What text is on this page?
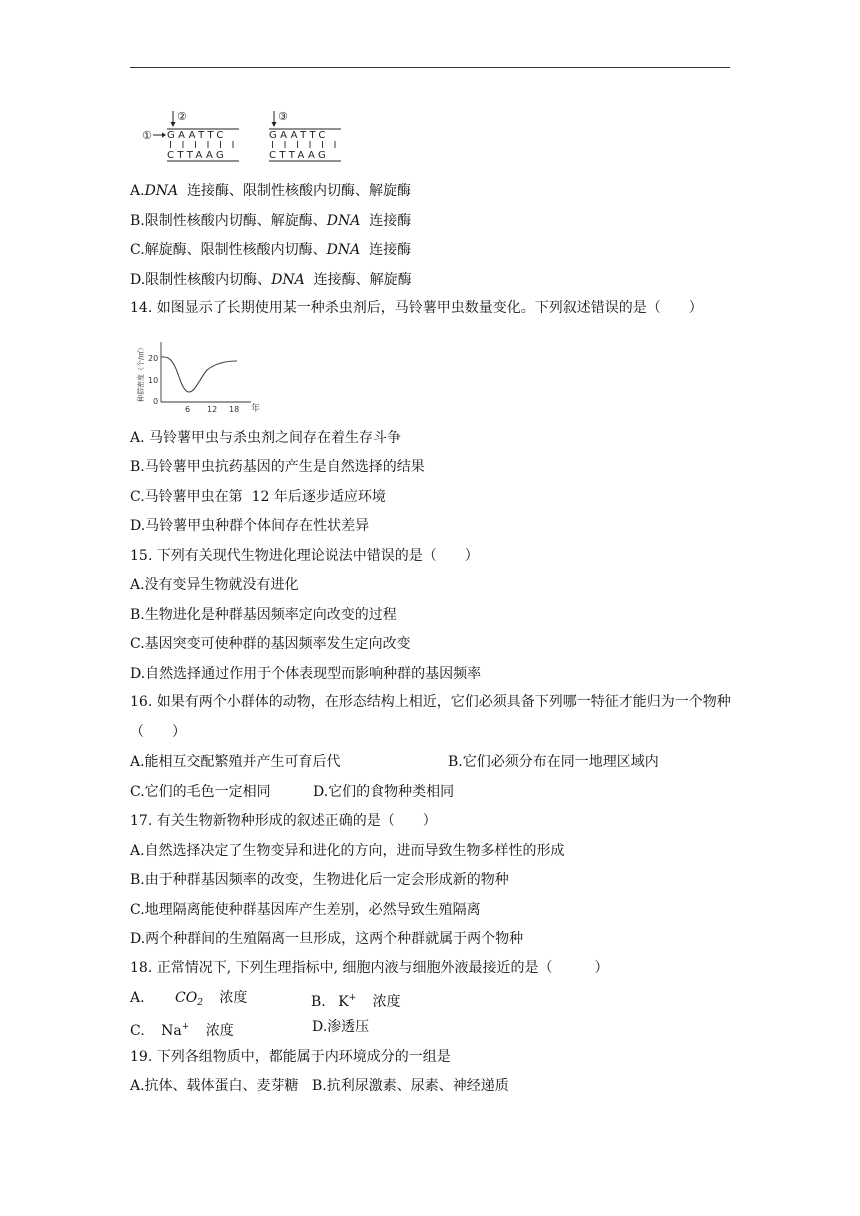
①
②
GAATTC
CTTAAG
③
GAATTC
CTTAAG
A.DNA  连接酶、限制性核酸内切酶、解旋酶
B.限制性核酸内切酶、解旋酶、DNA  连接酶
C.解旋酶、限制性核酸内切酶、DNA  连接酶
D.限制性核酸内切酶、DNA  连接酶、解旋酶
14. 如图显示了长期使用某一种杀虫剂后，马铃薯甲虫数量变化。下列叙述错误的是（　　）
种群密度（个/㎡） 20
10
0
6 12 18 年
A. 马铃薯甲虫与杀虫剂之间存在着生存斗争
B.马铃薯甲虫抗药基因的产生是自然选择的结果
C.马铃薯甲虫在第  12 年后逐步适应环境
D.马铃薯甲虫种群个体间存在性状差异
15. 下列有关现代生物进化理论说法中错误的是（　　）
A.没有变异生物就没有进化
B.生物进化是种群基因频率定向改变的过程
C.基因突变可使种群的基因频率发生定向改变
D.自然选择通过作用于个体表现型而影响种群的基因频率
16. 如果有两个小群体的动物，在形态结构上相近，它们必须具备下列哪一特征才能归为一个物种（　　）
A.能相互交配繁殖并产生可育后代	B.它们必须分布在同一地理区域内
C.它们的毛色一定相同	D.它们的食物种类相同
17. 有关生物新物种形成的叙述正确的是（　　）
A.自然选择决定了生物变异和进化的方向，进而导致生物多样性的形成
B.由于种群基因频率的改变，生物进化后一定会形成新的物种
C.地理隔离能使种群基因库产生差别，必然导致生殖隔离
D.两个种群间的生殖隔离一旦形成，这两个种群就属于两个物种
18. 正常情况下, 下列生理指标中, 细胞内液与细胞外液最接近的是（　　　）
A. $CO_2$ 浓度	B. K+ 浓度
C. Na+ 浓度	D.渗透压
19. 下列各组物质中，都能属于内环境成分的一组是
A.抗体、载体蛋白、麦芽糖 B.抗利尿激素、尿素、神经递质
